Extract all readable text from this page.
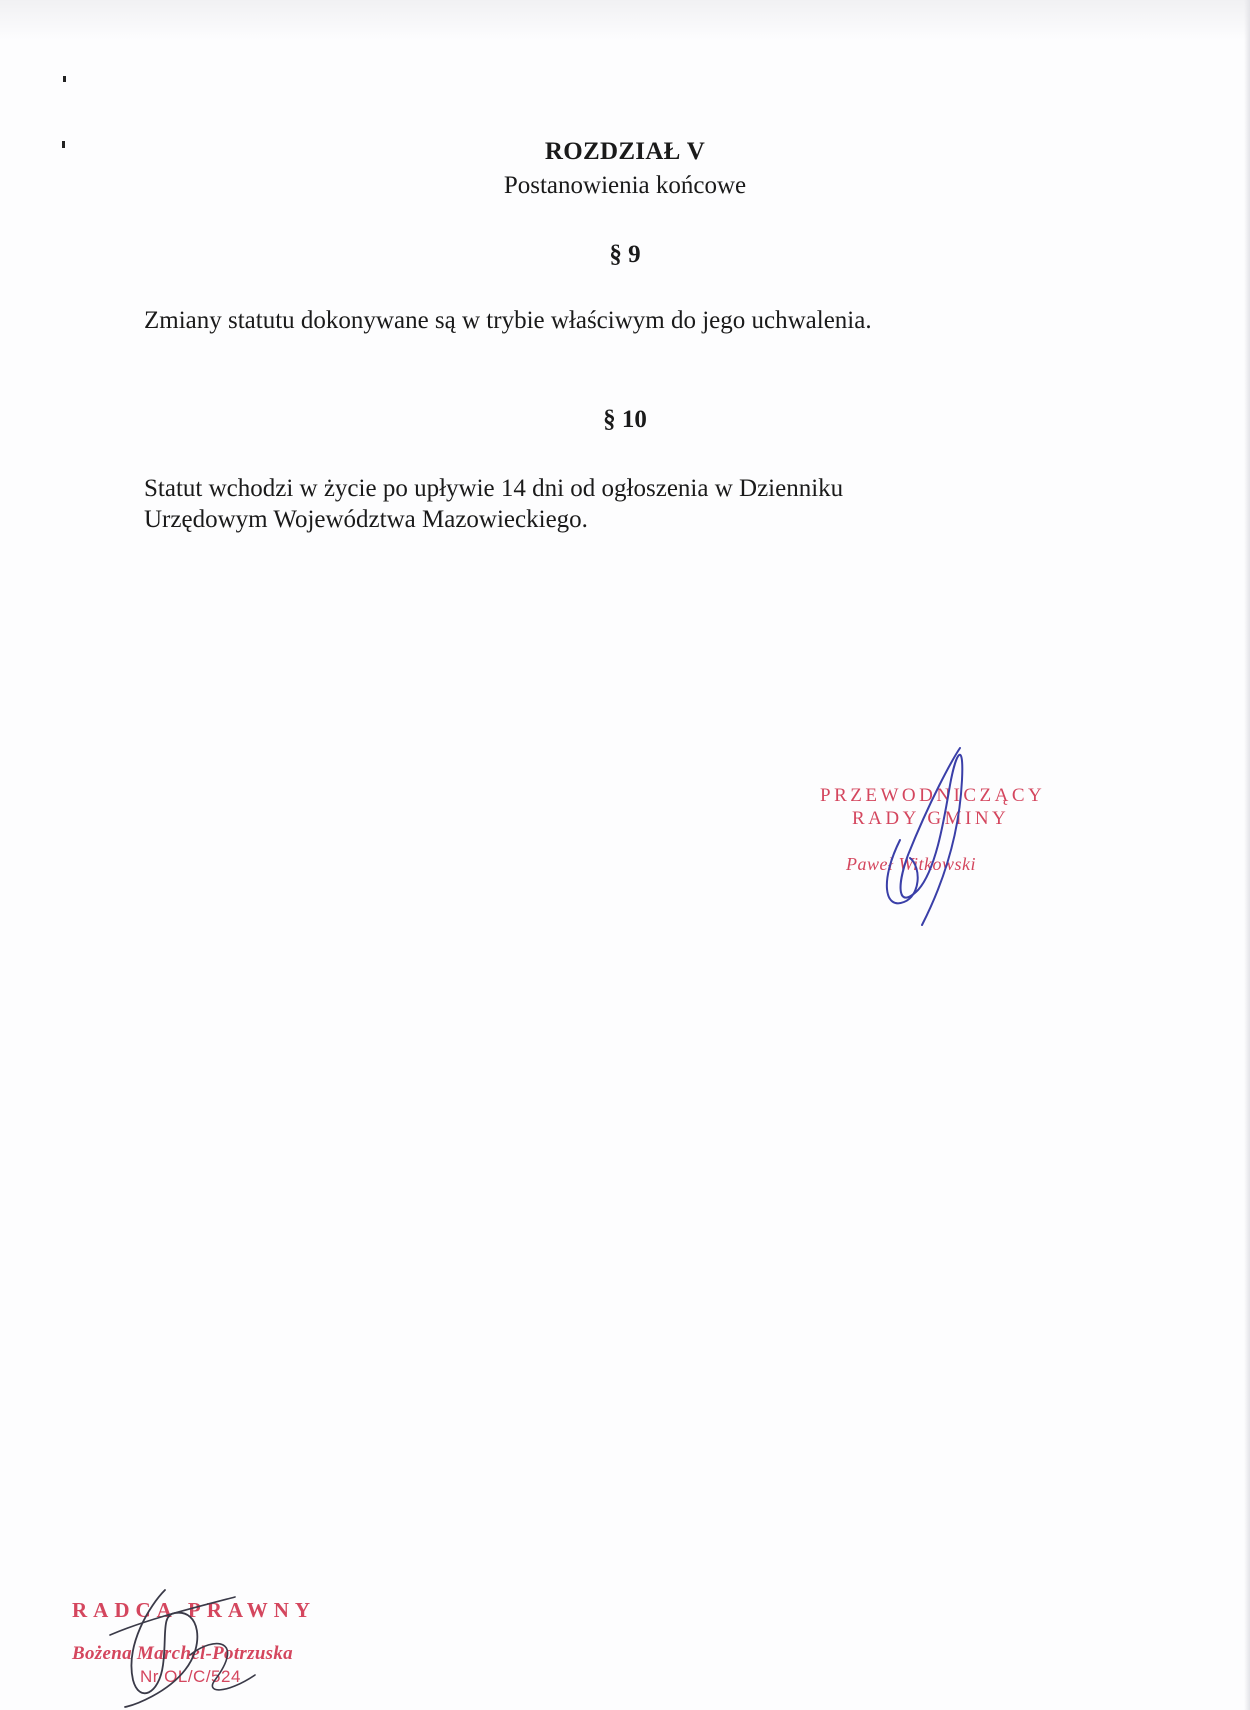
ROZDZIAŁ V
Postanowienia końcowe
§ 9
Zmiany statutu dokonywane są w trybie właściwym do jego uchwalenia.
§ 10
Statut wchodzi w życie po upływie 14 dni od ogłoszenia w Dzienniku
Urzędowym Województwa Mazowieckiego.
PRZEWODNICZĄCY
RADY GMINY
Paweł Witkowski
RADCA PRAWNY
Bożena Marchel-Potrzuska
Nr OL/C/524
